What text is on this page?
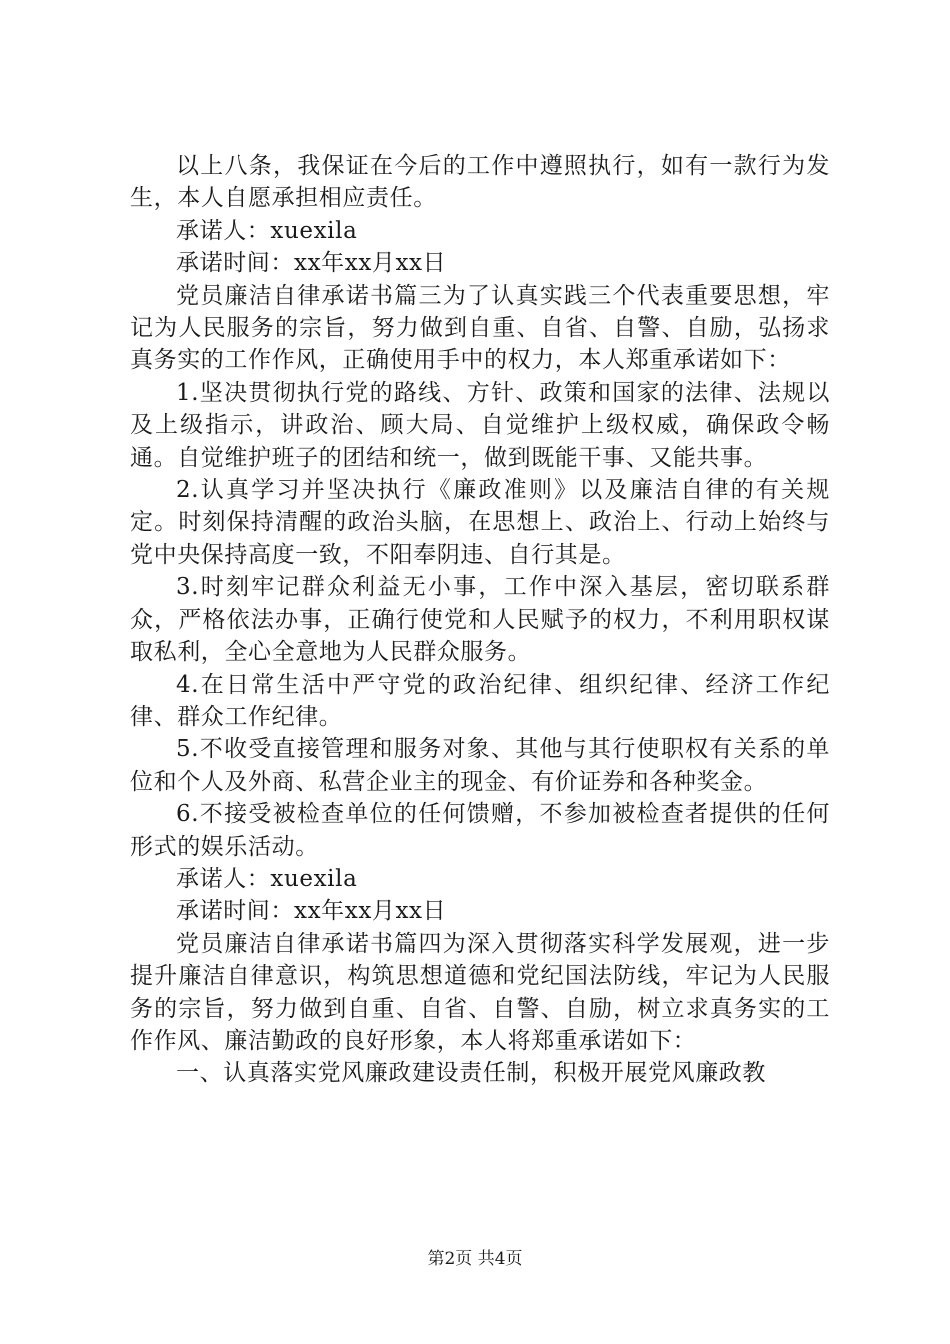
以上八条，我保证在今后的工作中遵照执行，如有一款行为发生，本人自愿承担相应责任。

承诺人：xuexila

承诺时间：xx年xx月xx日

党员廉洁自律承诺书篇三为了认真实践三个代表重要思想，牢记为人民服务的宗旨，努力做到自重、自省、自警、自励，弘扬求真务实的工作作风，正确使用手中的权力，本人郑重承诺如下：

1.坚决贯彻执行党的路线、方针、政策和国家的法律、法规以及上级指示，讲政治、顾大局、自觉维护上级权威，确保政令畅通。自觉维护班子的团结和统一，做到既能干事、又能共事。

2.认真学习并坚决执行《廉政准则》以及廉洁自律的有关规定。时刻保持清醒的政治头脑，在思想上、政治上、行动上始终与党中央保持高度一致，不阳奉阴违、自行其是。

3.时刻牢记群众利益无小事，工作中深入基层，密切联系群众，严格依法办事，正确行使党和人民赋予的权力，不利用职权谋取私利，全心全意地为人民群众服务。

4.在日常生活中严守党的政治纪律、组织纪律、经济工作纪律、群众工作纪律。

5.不收受直接管理和服务对象、其他与其行使职权有关系的单位和个人及外商、私营企业主的现金、有价证券和各种奖金。

6.不接受被检查单位的任何馈赠，不参加被检查者提供的任何形式的娱乐活动。

承诺人：xuexila

承诺时间：xx年xx月xx日

党员廉洁自律承诺书篇四为深入贯彻落实科学发展观，进一步提升廉洁自律意识，构筑思想道德和党纪国法防线，牢记为人民服务的宗旨，努力做到自重、自省、自警、自励，树立求真务实的工作作风、廉洁勤政的良好形象，本人将郑重承诺如下：

一、认真落实党风廉政建设责任制，积极开展党风廉政教

第2页 共4页
